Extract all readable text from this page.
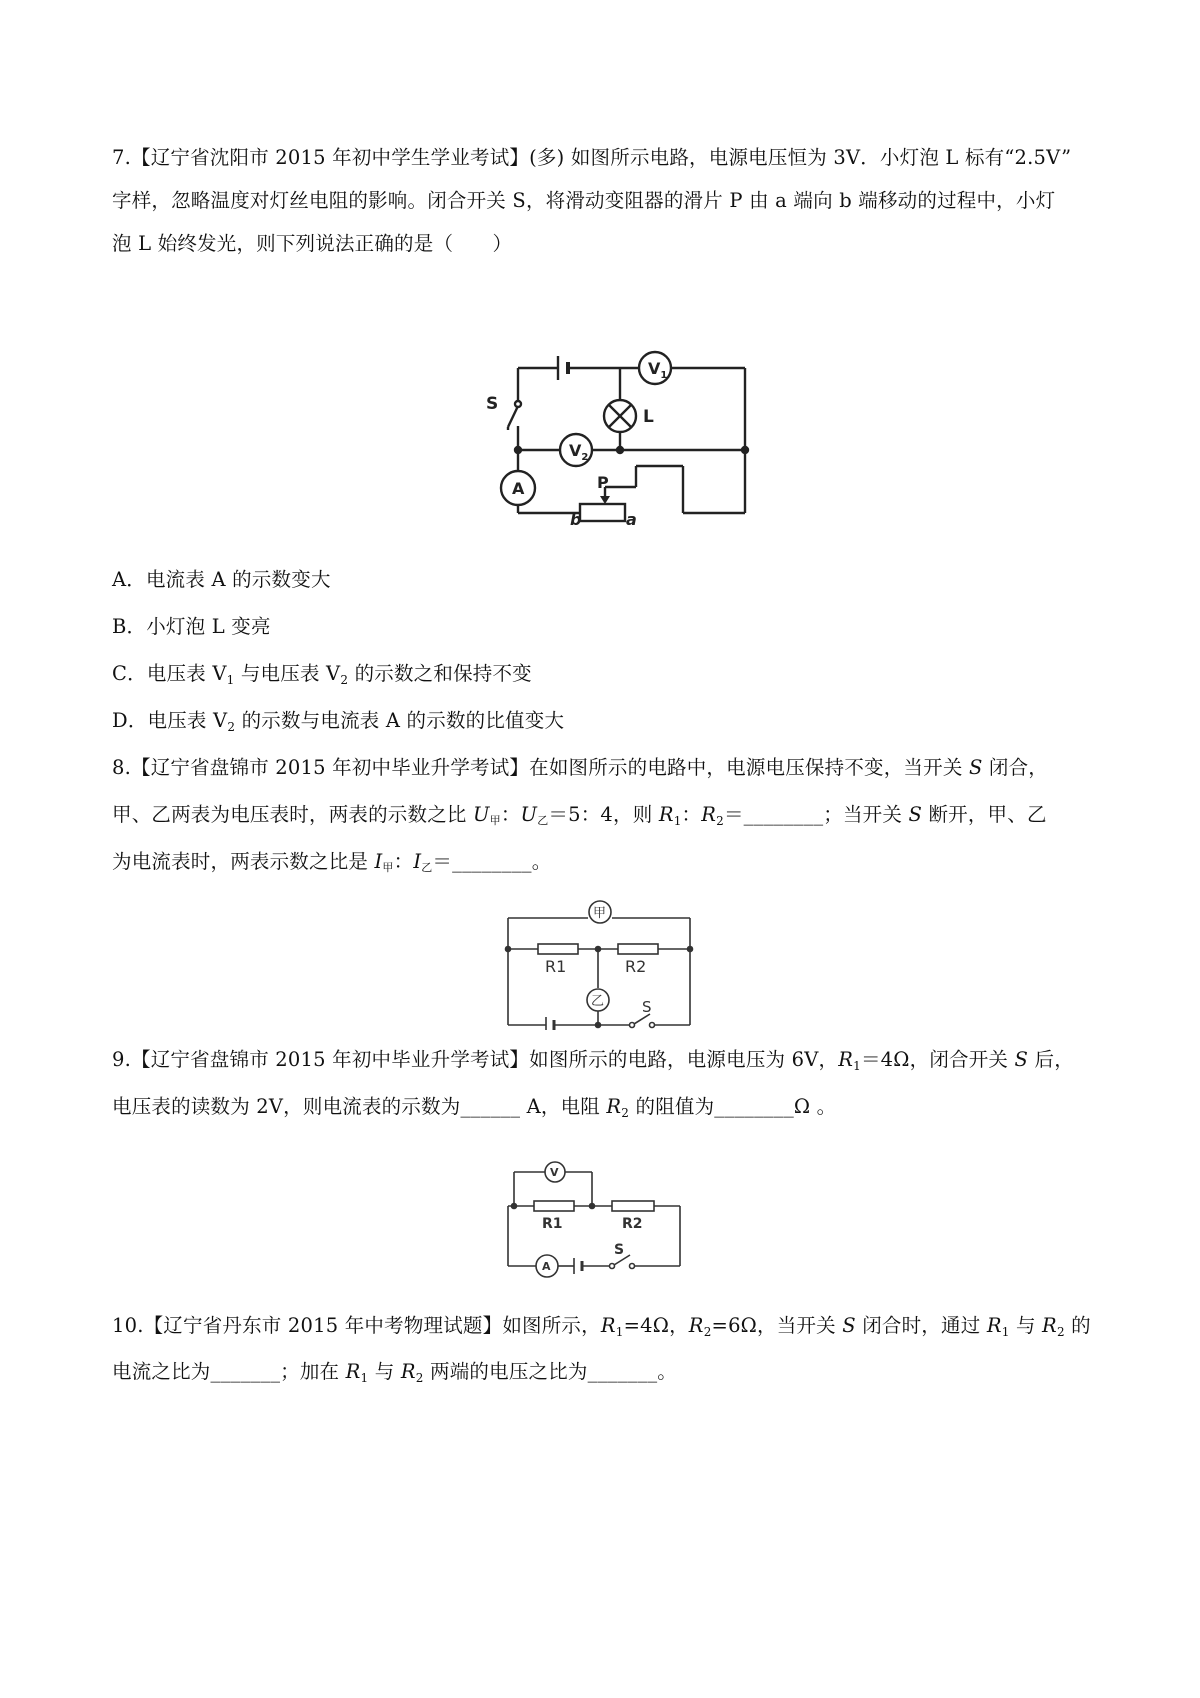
7.【辽宁省沈阳市 2015 年初中学生学业考试】(多) 如图所示电路，电源电压恒为 3V．小灯泡 L 标有“2.5V”
字样，忽略温度对灯丝电阻的影响。闭合开关 S，将滑动变阻器的滑片 P 由 a 端向 b 端移动的过程中，小灯
泡 L 始终发光，则下列说法正确的是（　　）
S
L
$V_1$
$V_2$
A	P
b	a
A．电流表 A 的示数变大
B．小灯泡 L 变亮
C．电压表 $V_1$ 与电压表 $V_2$ 的示数之和保持不变
D．电压表 $V_2$ 的示数与电流表 A 的示数的比值变大
8.【辽宁省盘锦市 2015 年初中毕业升学考试】在如图所示的电路中，电源电压保持不变，当开关 S 闭合，
甲、乙两表为电压表时，两表的示数之比 U甲：U乙＝5：4，则 $R_1$：$R_2=\_\_\_\_\_\_\_\_$；当开关 S 断开，甲、乙
为电流表时，两表示数之比是 I甲：I乙＝________。
甲
乙
R1	R2
S
9.【辽宁省盘锦市 2015 年初中毕业升学考试】如图所示的电路，电源电压为 6V，$R_1=4\Omega$，闭合开关 S 后，
电压表的读数为 2V，则电流表的示数为______ A，电阻 $R_2$ 的阻值为________Ω 。
V
R1	R2
A
S
10.【辽宁省丹东市 2015 年中考物理试题】如图所示，$R_1=4\Omega$，$R_2=6\Omega$，当开关 S 闭合时，通过 $R_1$ 与 $R_2$ 的
电流之比为_______；加在 $R_1$ 与 $R_2$ 两端的电压之比为_______。
